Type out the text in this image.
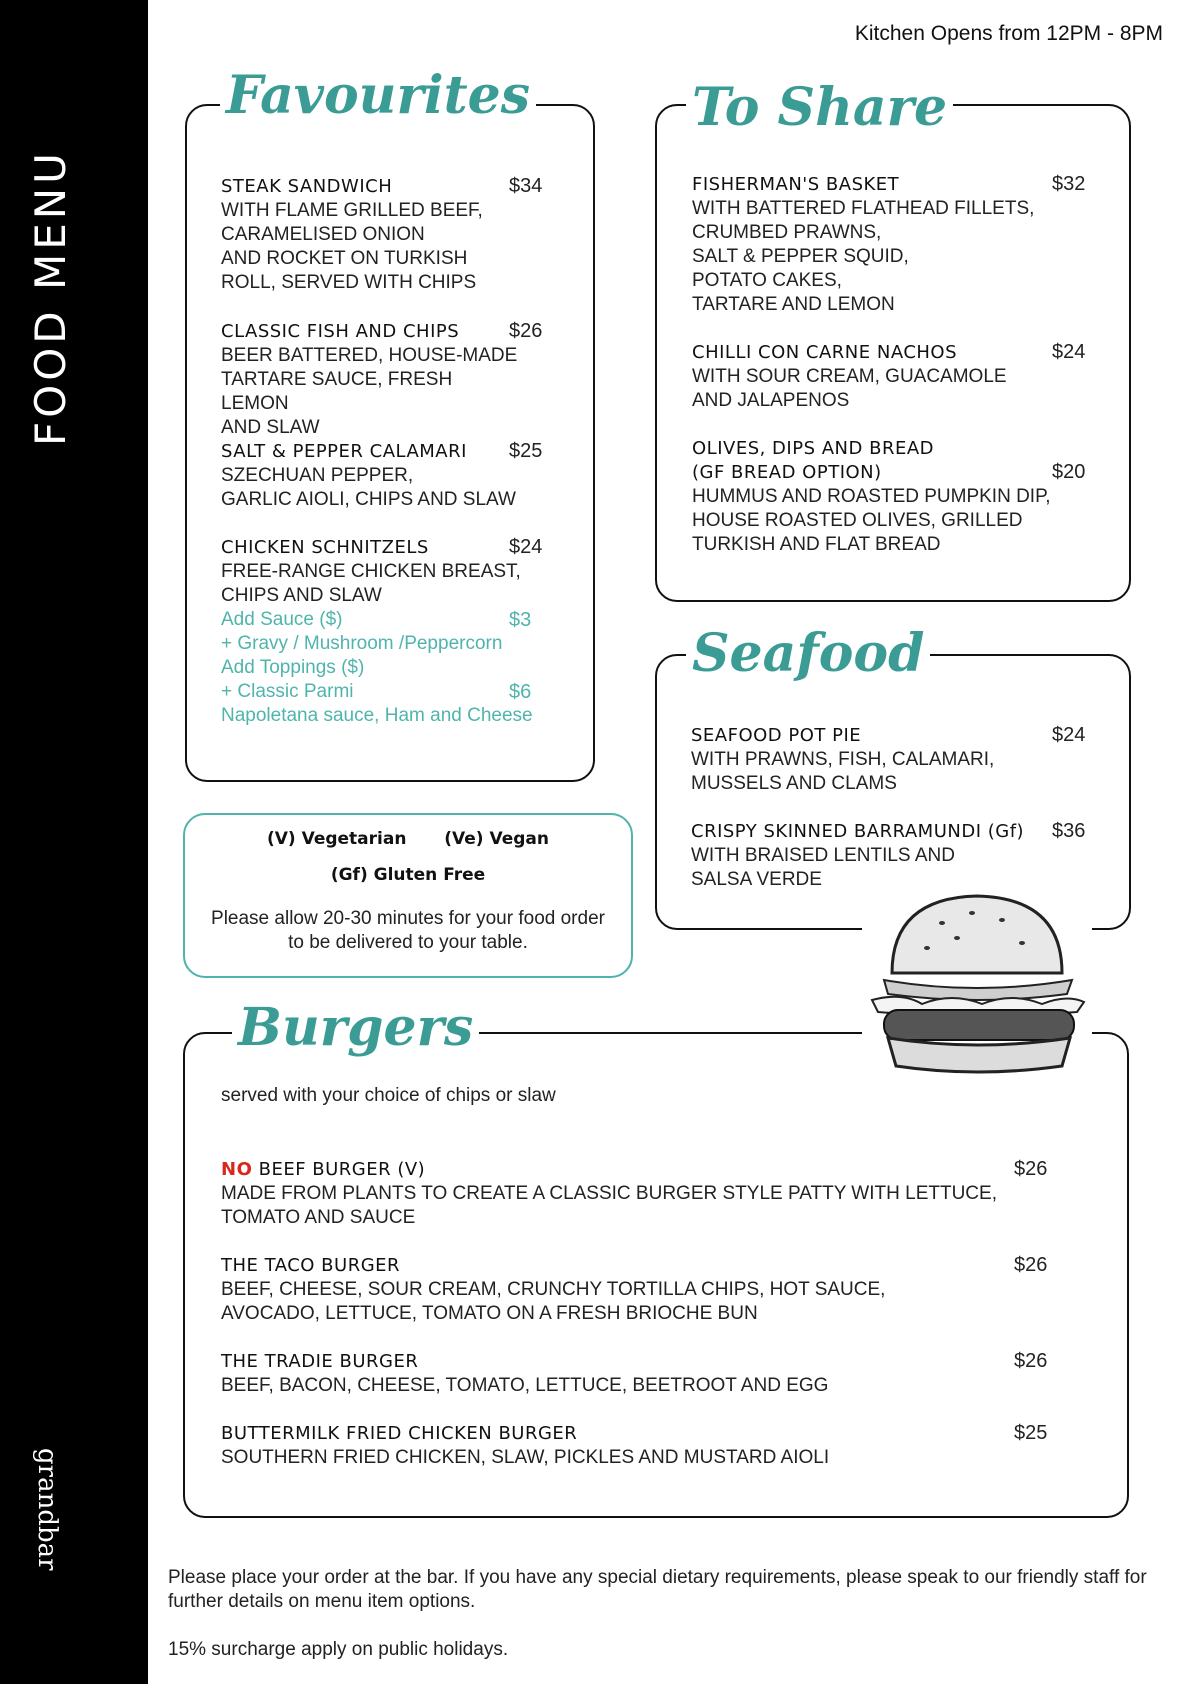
FOOD MENU
grandbar
Kitchen Opens from 12PM - 8PM
Favourites
STEAK SANDWICH
WITH FLAME GRILLED BEEF,
CARAMELISED ONION
AND ROCKET ON TURKISH
ROLL, SERVED WITH CHIPS
$34
CLASSIC FISH AND CHIPS
BEER BATTERED, HOUSE-MADE
TARTARE SAUCE, FRESH LEMON
AND SLAW
$26
SALT & PEPPER CALAMARI
SZECHUAN PEPPER,
GARLIC AIOLI, CHIPS AND SLAW
$25
CHICKEN SCHNITZELS
FREE-RANGE CHICKEN BREAST,
CHIPS AND SLAW
Add Sauce ($)
+ Gravy / Mushroom /Peppercorn
Add Toppings ($)
+ Classic Parmi
Napoletana sauce, Ham and Cheese
$24
$3
$6
(V) Vegetarian (Ve) Vegan
(Gf) Gluten Free
Please allow 20-30 minutes for your food order
to be delivered to your table.
To Share
FISHERMAN'S BASKET
WITH BATTERED FLATHEAD FILLETS,
CRUMBED PRAWNS,
SALT & PEPPER SQUID,
POTATO CAKES,
TARTARE AND LEMON
$32
CHILLI CON CARNE NACHOS
WITH SOUR CREAM, GUACAMOLE
AND JALAPENOS
$24
OLIVES, DIPS AND BREAD
(GF BREAD OPTION)
HUMMUS AND ROASTED PUMPKIN DIP,
HOUSE ROASTED OLIVES, GRILLED
TURKISH AND FLAT BREAD
$20
Seafood
SEAFOOD POT PIE
WITH PRAWNS, FISH, CALAMARI,
MUSSELS AND CLAMS
$24
CRISPY SKINNED BARRAMUNDI (Gf)
WITH BRAISED LENTILS AND
SALSA VERDE
$36
Burgers
served with your choice of chips or slaw
NO BEEF BURGER (V)
MADE FROM PLANTS TO CREATE A CLASSIC BURGER STYLE PATTY WITH LETTUCE,
TOMATO AND SAUCE
$26
THE TACO BURGER
BEEF, CHEESE, SOUR CREAM, CRUNCHY TORTILLA CHIPS, HOT SAUCE,
AVOCADO, LETTUCE, TOMATO ON A FRESH BRIOCHE BUN
$26
THE TRADIE BURGER
BEEF, BACON, CHEESE, TOMATO, LETTUCE, BEETROOT AND EGG
$26
BUTTERMILK FRIED CHICKEN BURGER
SOUTHERN FRIED CHICKEN, SLAW, PICKLES AND MUSTARD AIOLI
$25
Please place your order at the bar. If you have any special dietary requirements, please speak to our friendly staff for
further details on menu item options.
15% surcharge apply on public holidays.
